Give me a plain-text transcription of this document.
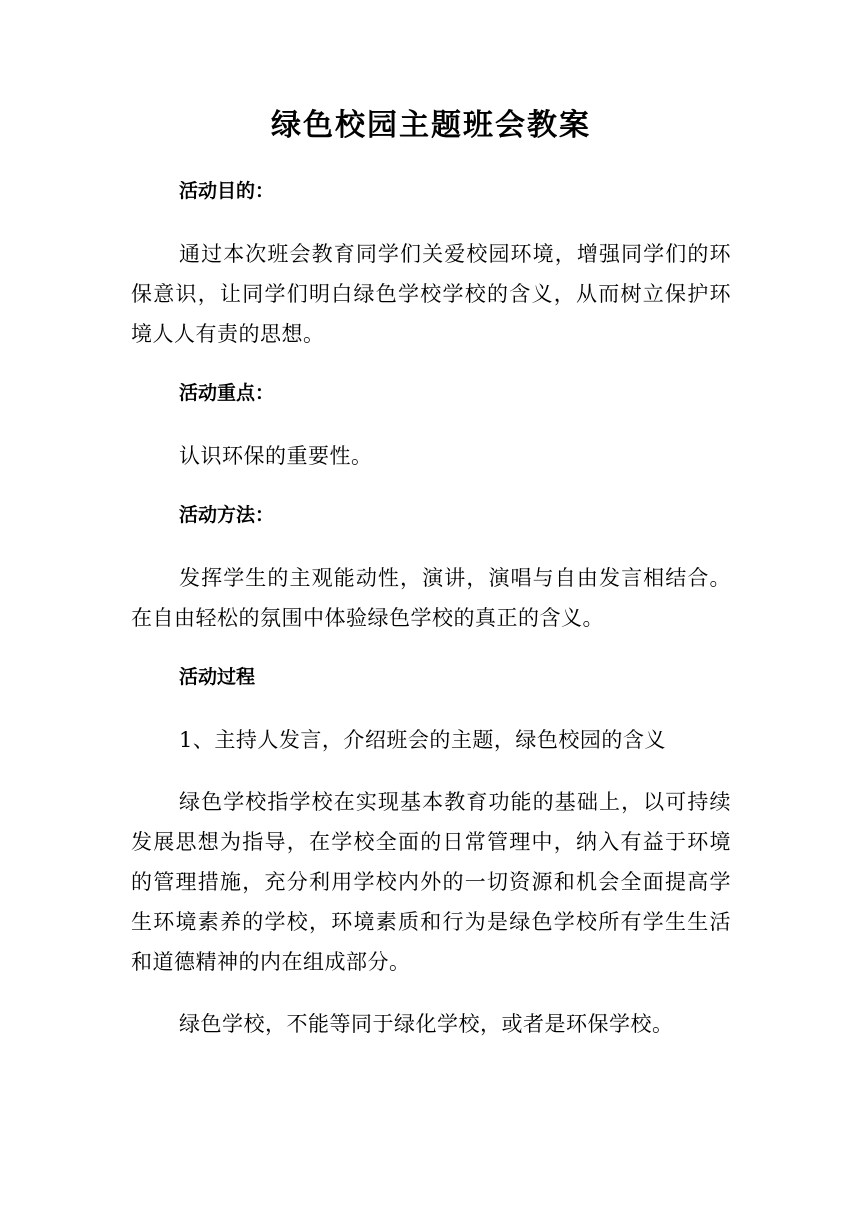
绿色校园主题班会教案
活动目的：

通过本次班会教育同学们关爱校园环境，增强同学们的环保意识，让同学们明白绿色学校学校的含义，从而树立保护环境人人有责的思想。

活动重点：

认识环保的重要性。

活动方法：

发挥学生的主观能动性，演讲，演唱与自由发言相结合。在自由轻松的氛围中体验绿色学校的真正的含义。

活动过程

1、主持人发言，介绍班会的主题，绿色校园的含义

绿色学校指学校在实现基本教育功能的基础上，以可持续发展思想为指导，在学校全面的日常管理中，纳入有益于环境的管理措施，充分利用学校内外的一切资源和机会全面提高学生环境素养的学校，环境素质和行为是绿色学校所有学生生活和道德精神的内在组成部分。

绿色学校，不能等同于绿化学校，或者是环保学校。
